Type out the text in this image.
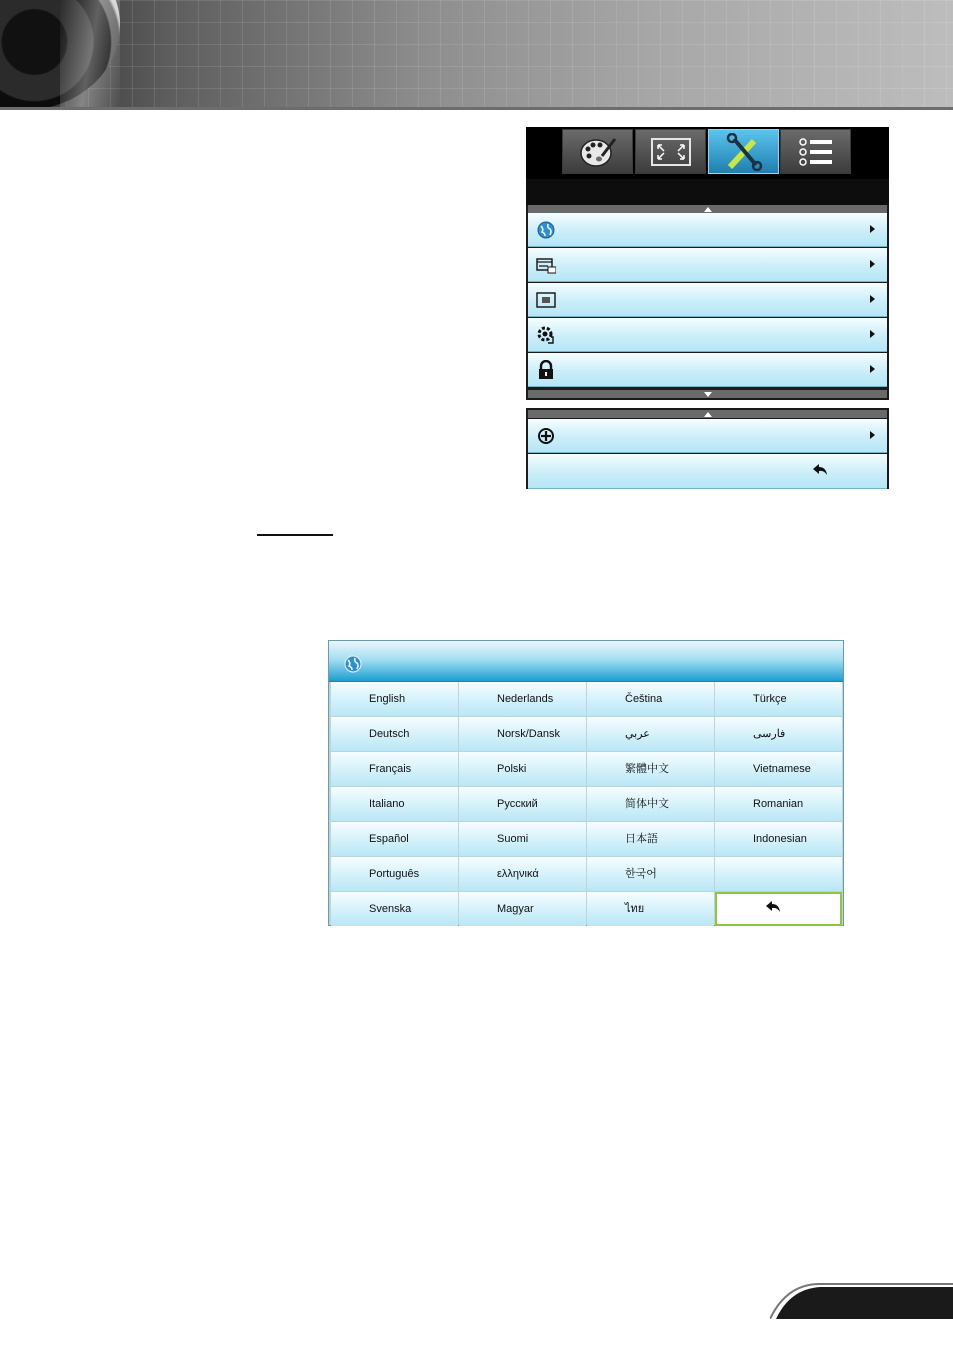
English
Deutsch
Français
Italiano
Español
Português
Svenska
Nederlands
Norsk/Dansk
Polski
Русский
Suomi
ελληνικά
Magyar
Čeština
عربي
繁體中文
简体中文
日本語
한국어
ไทย
Türkçe
فارسی
Vietnamese
Romanian
Indonesian
